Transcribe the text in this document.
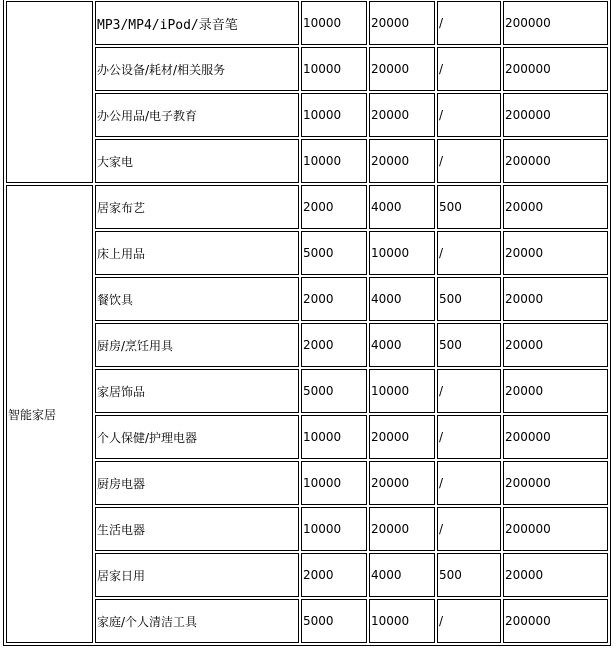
	MP3/MP4/iPod/录音笔	10000	20000	/	200000
	办公设备/耗材/相关服务	10000	20000	/	200000
	办公用品/电子教育	10000	20000	/	200000
	大家电	10000	20000	/	200000
智能家居	居家布艺	2000	4000	500	20000
	床上用品	5000	10000	/	20000
	餐饮具	2000	4000	500	20000
	厨房/烹饪用具	2000	4000	500	20000
	家居饰品	5000	10000	/	20000
	个人保健/护理电器	10000	20000	/	200000
	厨房电器	10000	20000	/	200000
	生活电器	10000	20000	/	200000
	居家日用	2000	4000	500	20000
	家庭/个人清洁工具	5000	10000	/	200000
